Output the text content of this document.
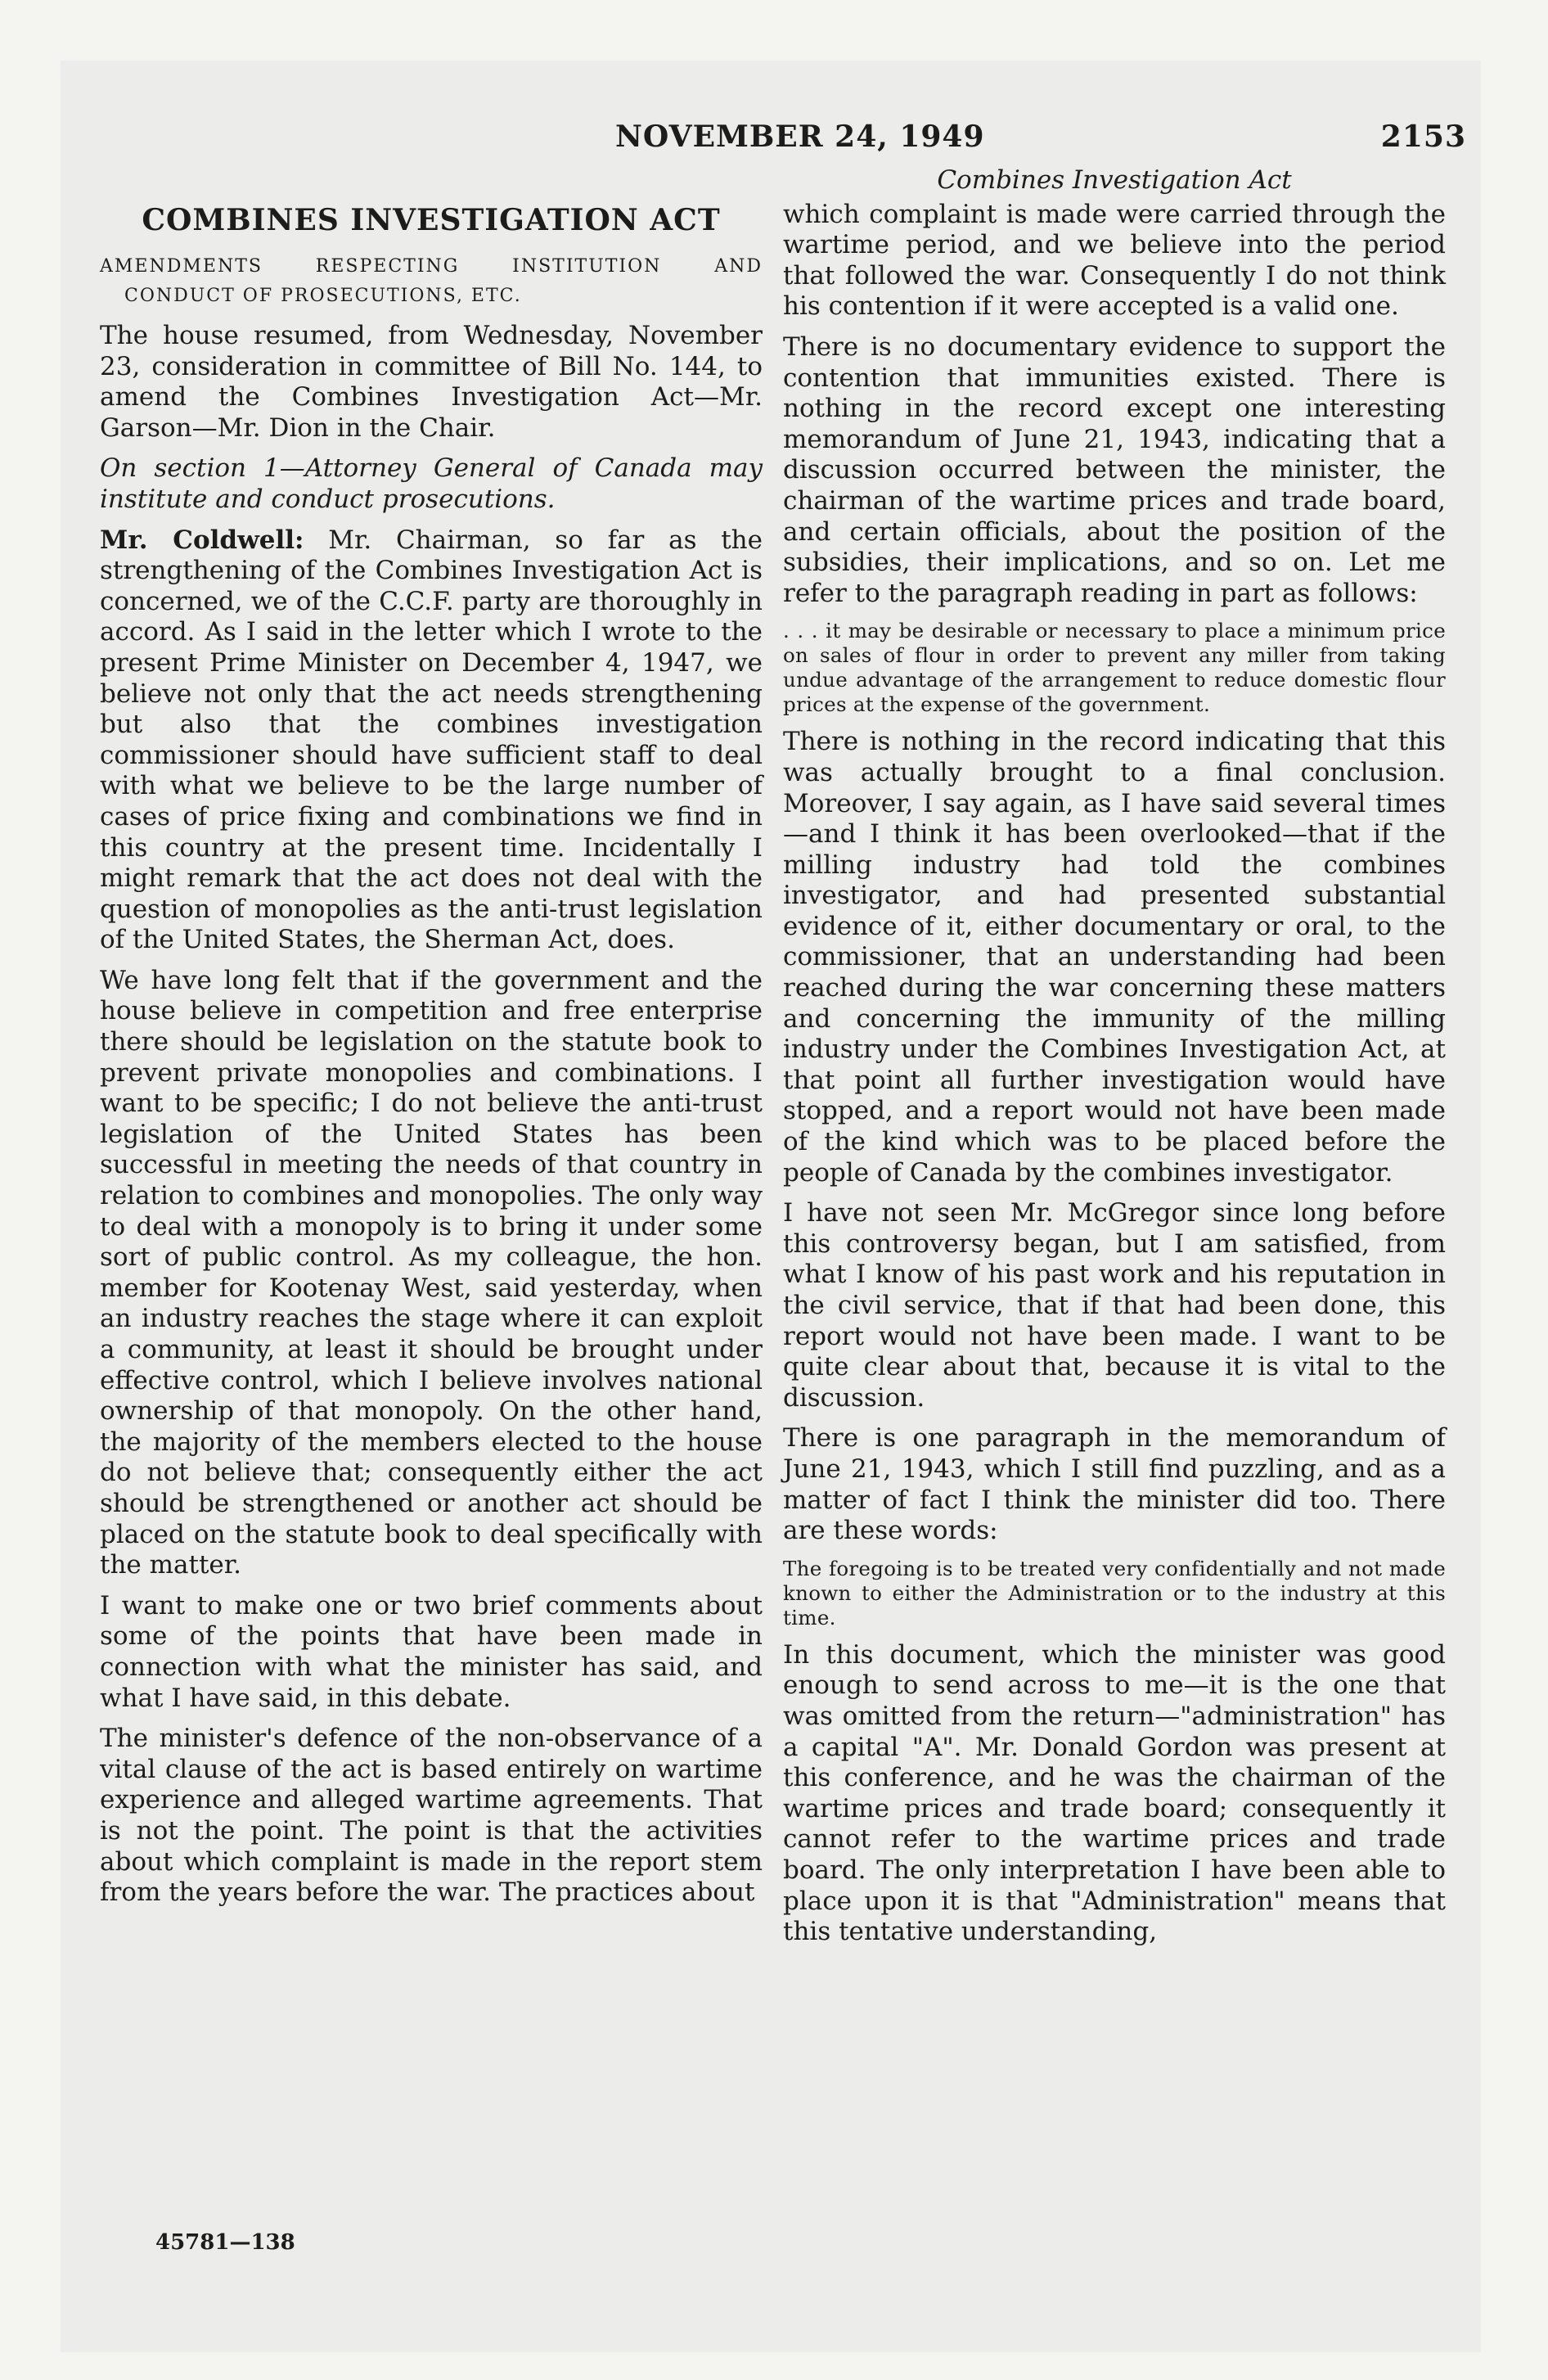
NOVEMBER 24, 1949	2153
COMBINES INVESTIGATION ACT
AMENDMENTS RESPECTING INSTITUTION AND
CONDUCT OF PROSECUTIONS, ETC.

The house resumed, from Wednesday, November 23, consideration in committee of Bill No. 144, to amend the Combines Investigation Act—Mr. Garson—Mr. Dion in the Chair.

On section 1—Attorney General of Canada may institute and conduct prosecutions.

Mr. Coldwell: Mr. Chairman, so far as the strengthening of the Combines Investigation Act is concerned, we of the C.C.F. party are thoroughly in accord. As I said in the letter which I wrote to the present Prime Minister on December 4, 1947, we believe not only that the act needs strengthening but also that the combines investigation commissioner should have sufficient staff to deal with what we believe to be the large number of cases of price fixing and combinations we find in this country at the present time. Incidentally I might remark that the act does not deal with the question of monopolies as the anti-trust legislation of the United States, the Sherman Act, does.

We have long felt that if the government and the house believe in competition and free enterprise there should be legislation on the statute book to prevent private monopolies and combinations. I want to be specific; I do not believe the anti-trust legislation of the United States has been successful in meeting the needs of that country in relation to combines and monopolies. The only way to deal with a monopoly is to bring it under some sort of public control. As my colleague, the hon. member for Kootenay West, said yesterday, when an industry reaches the stage where it can exploit a community, at least it should be brought under effective control, which I believe involves national ownership of that monopoly. On the other hand, the majority of the members elected to the house do not believe that; consequently either the act should be strengthened or another act should be placed on the statute book to deal specifically with the matter.

I want to make one or two brief comments about some of the points that have been made in connection with what the minister has said, and what I have said, in this debate.

The minister's defence of the non-observance of a vital clause of the act is based entirely on wartime experience and alleged wartime agreements. That is not the point. The point is that the activities about which complaint is made in the report stem from the years before the war. The practices about

Combines Investigation Act

which complaint is made were carried through the wartime period, and we believe into the period that followed the war. Consequently I do not think his contention if it were accepted is a valid one.

There is no documentary evidence to support the contention that immunities existed. There is nothing in the record except one interesting memorandum of June 21, 1943, indicating that a discussion occurred between the minister, the chairman of the wartime prices and trade board, and certain officials, about the position of the subsidies, their implications, and so on. Let me refer to the paragraph reading in part as follows:

. . . it may be desirable or necessary to place a minimum price on sales of flour in order to prevent any miller from taking undue advantage of the arrangement to reduce domestic flour prices at the expense of the government.

There is nothing in the record indicating that this was actually brought to a final conclusion. Moreover, I say again, as I have said several times—and I think it has been overlooked—that if the milling industry had told the combines investigator, and had presented substantial evidence of it, either documentary or oral, to the commissioner, that an understanding had been reached during the war concerning these matters and concerning the immunity of the milling industry under the Combines Investigation Act, at that point all further investigation would have stopped, and a report would not have been made of the kind which was to be placed before the people of Canada by the combines investigator.

I have not seen Mr. McGregor since long before this controversy began, but I am satisfied, from what I know of his past work and his reputation in the civil service, that if that had been done, this report would not have been made. I want to be quite clear about that, because it is vital to the discussion.

There is one paragraph in the memorandum of June 21, 1943, which I still find puzzling, and as a matter of fact I think the minister did too. There are these words:

The foregoing is to be treated very confidentially and not made known to either the Administration or to the industry at this time.

In this document, which the minister was good enough to send across to me—it is the one that was omitted from the return—"administration" has a capital "A". Mr. Donald Gordon was present at this conference, and he was the chairman of the wartime prices and trade board; consequently it cannot refer to the wartime prices and trade board. The only interpretation I have been able to place upon it is that "Administration" means that this tentative understanding,

45781—138
